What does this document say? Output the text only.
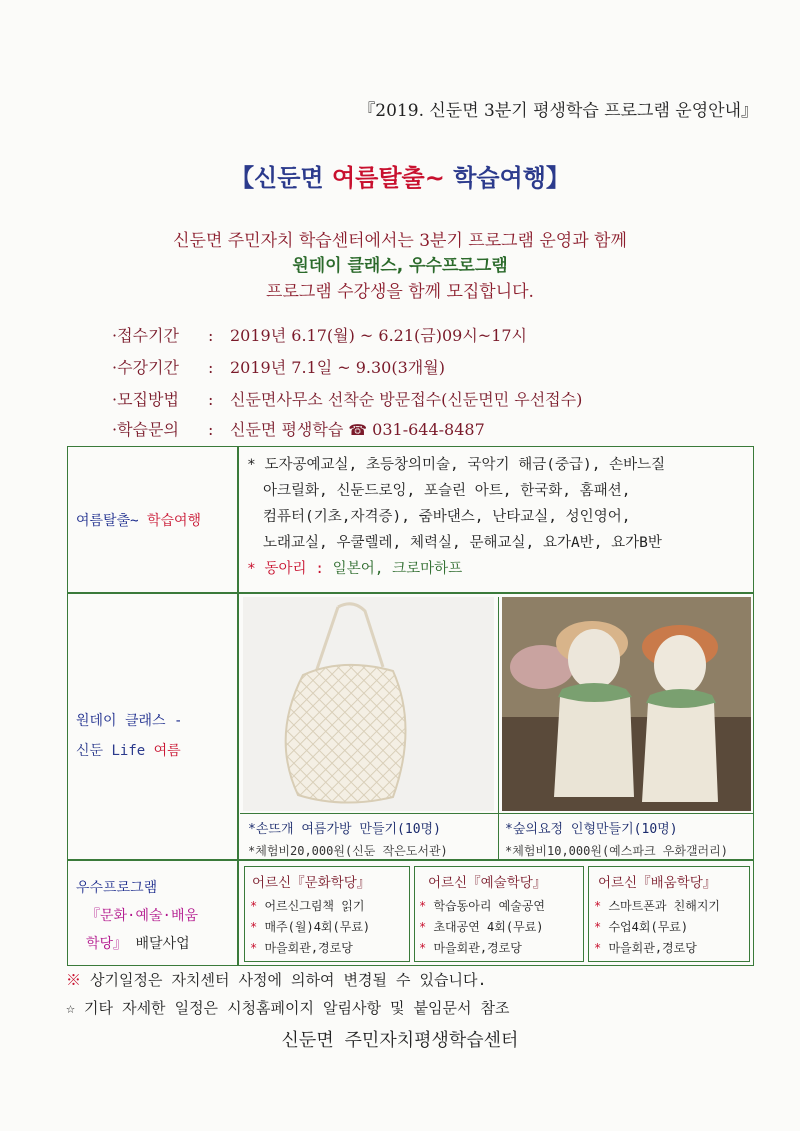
『2019. 신둔면 3분기 평생학습 프로그램 운영안내』
【신둔면 여름탈출~ 학습여행】
신둔면 주민자치 학습센터에서는 3분기 프로그램 운영과 함께
원데이 클래스, 우수프로그램
프로그램 수강생을 함께 모집합니다.
·접수기간 : 2019년 6.17(월) ~ 6.21(금)09시~17시
·수강기간 : 2019년 7.1일 ~ 9.30(3개월)
·모집방법 : 신둔면사무소 선착순 방문접수(신둔면민 우선접수)
·학습문의 : 신둔면 평생학습 ☎ 031-644-8487
여름탈출~ 학습여행
* 도자공예교실, 초등창의미술, 국악기 해금(중급), 손바느질
아크릴화, 신둔드로잉, 포슬린 아트, 한국화, 홈패션,
컴퓨터(기초,자격증), 줌바댄스, 난타교실, 성인영어,
노래교실, 우쿨렐레, 체력실, 문해교실, 요가A반, 요가B반
* 동아리 : 일본어, 크로마하프
원데이 클래스 -
신둔 Life 여름
*손뜨개 여름가방 만들기(10명)
*체험비20,000원(신둔 작은도서관)
*숲의요정 인형만들기(10명)
*체험비10,000원(예스파크 우화갤러리)
우수프로그램
『문화·예술·배움
학당』 배달사업
어르신『문화학당』
* 어르신그림책 읽기
* 매주(월)4회(무료)
* 마을회관,경로당
어르신『예술학당』
* 학습동아리 예술공연
* 초대공연 4회(무료)
* 마을회관,경로당
어르신『배움학당』
* 스마트폰과 친해지기
* 수업4회(무료)
* 마을회관,경로당
※ 상기일정은 자치센터 사정에 의하여 변경될 수 있습니다.
☆ 기타 자세한 일정은 시청홈페이지 알림사항 및 붙임문서 참조
신둔면 주민자치평생학습센터
